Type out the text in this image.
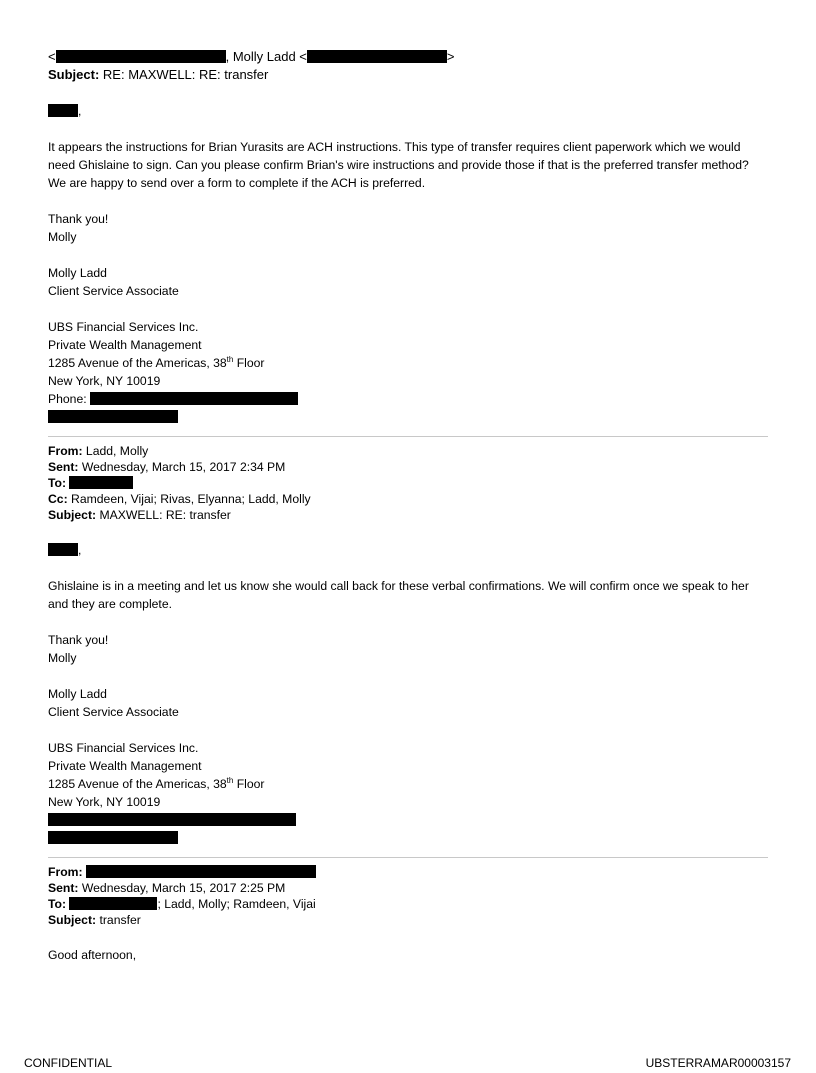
<	, Molly Ladd <	>

Subject: RE: MAXWELL: RE: transfer

,

It appears the instructions for Brian Yurasits are ACH instructions. This type of transfer requires client paperwork which we would need Ghislaine to sign. Can you please confirm Brian's wire instructions and provide those if that is the preferred transfer method? We are happy to send over a form to complete if the ACH is preferred.

Thank you!

Molly

Molly Ladd

Client Service Associate

UBS Financial Services Inc.

Private Wealth Management

1285 Avenue of the Americas, 38th Floor

New York, NY 10019

Phone:

From: Ladd, Molly
Sent: Wednesday, March 15, 2017 2:34 PM
To:
Cc: Ramdeen, Vijai; Rivas, Elyanna; Ladd, Molly
Subject: MAXWELL: RE: transfer

,

Ghislaine is in a meeting and let us know she would call back for these verbal confirmations. We will confirm once we speak to her and they are complete.

Thank you!

Molly

Molly Ladd

Client Service Associate

UBS Financial Services Inc.

Private Wealth Management

1285 Avenue of the Americas, 38th Floor

New York, NY 10019

From:
Sent: Wednesday, March 15, 2017 2:25 PM
To:	; Ladd, Molly; Ramdeen, Vijai
Subject: transfer

Good afternoon,

CONFIDENTIAL	UBSTERRAMAR00003157
